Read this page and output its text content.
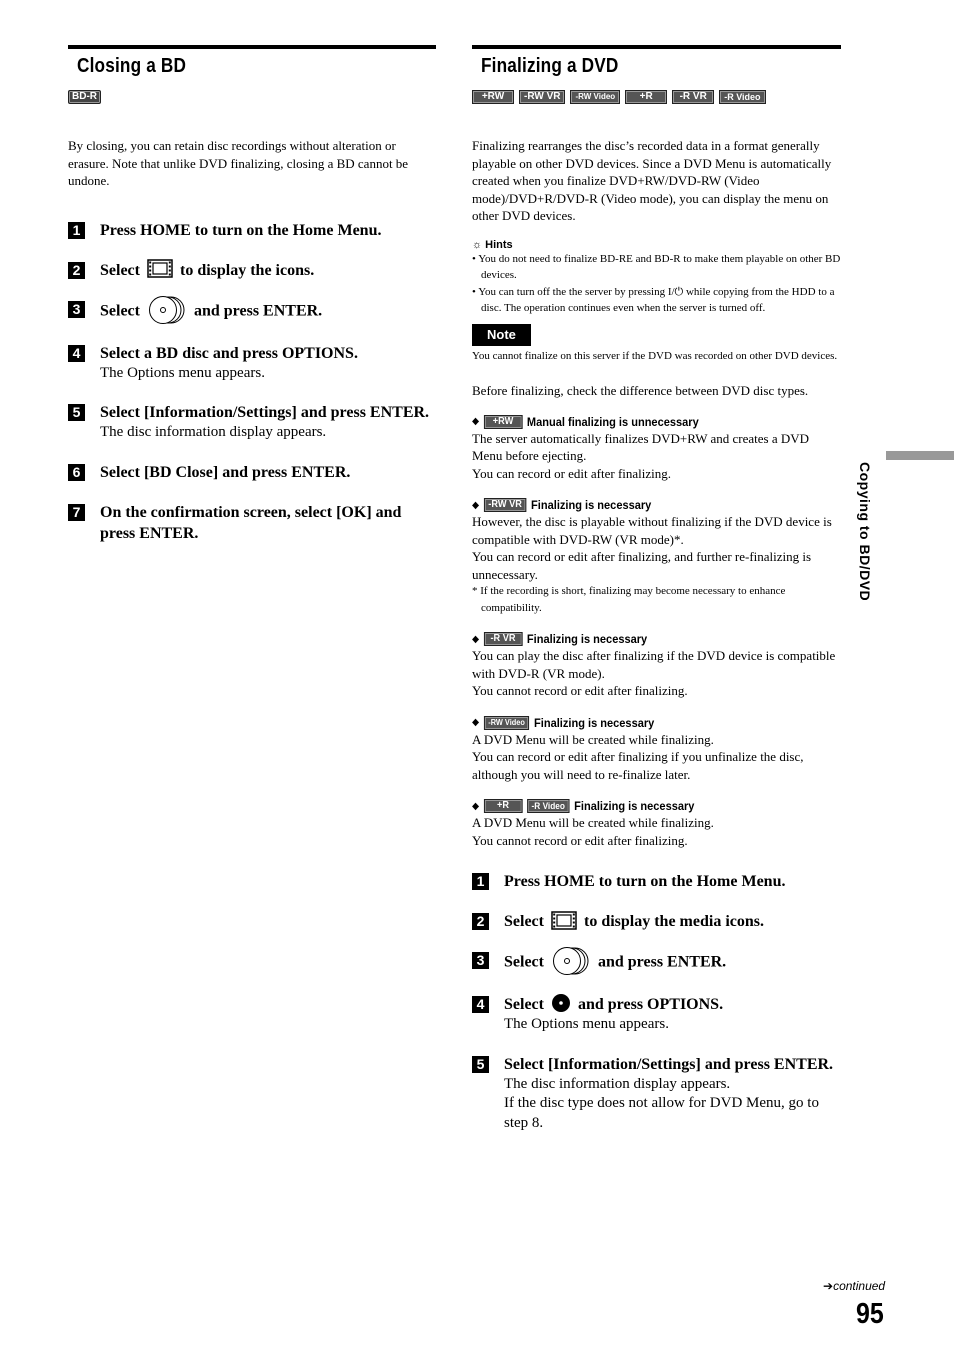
Closing a BD
BD-R

By closing, you can retain disc recordings without alteration or erasure. Note that unlike DVD finalizing, closing a BD cannot be undone.

1 Press HOME to turn on the Home Menu.
2 Select	to display the icons.
3 Select	and press ENTER.
4 Select a BD disc and press OPTIONS.
The Options menu appears.
5 Select [Information/Settings] and press ENTER.
The disc information display appears.
6 Select [BD Close] and press ENTER.
7 On the confirmation screen, select [OK] and press ENTER.
Finalizing a DVD
+RW	-RW VR	-RW Video	+R	-R VR	-R Video

Finalizing rearranges the disc’s recorded data in a format generally playable on other DVD devices. Since a DVD Menu is automatically created when you finalize DVD+RW/DVD-RW (Video mode)/DVD+R/DVD-R (Video mode), you can display the menu on other DVD devices.

☼ Hints
• You do not need to finalize BD-RE and BD-R to make them playable on other BD devices.
• You can turn off the the server by pressing I/⏻ while copying from the HDD to a disc. The operation continues even when the server is turned off.
Note
You cannot finalize on this server if the DVD was recorded on other DVD devices.

Before finalizing, check the difference between DVD disc types.

◆	+RW	Manual finalizing is unnecessary
The server automatically finalizes DVD+RW and creates a DVD Menu before ejecting.
You can record or edit after finalizing.
◆ -RW VR Finalizing is necessary
However, the disc is playable without finalizing if the DVD device is compatible with DVD-RW (VR mode)*.
You can record or edit after finalizing, and further re-finalizing is unnecessary.
* If the recording is short, finalizing may become necessary to enhance compatibility.
◆	-R VR Finalizing is necessary
You can play the disc after finalizing if the DVD device is compatible with DVD-R (VR mode).
You cannot record or edit after finalizing.
◆	-RW Video Finalizing is necessary
A DVD Menu will be created while finalizing.
You can record or edit after finalizing if you unfinalize the disc, although you will need to re-finalize later.
◆	+R	-R Video Finalizing is necessary
A DVD Menu will be created while finalizing.
You cannot record or edit after finalizing.
1 Press HOME to turn on the Home Menu.
2 Select	to display the media icons.
3 Select	and press ENTER.
4 Select and press OPTIONS.
The Options menu appears.
5 Select [Information/Settings] and press ENTER.
The disc information display appears.
If the disc type does not allow for DVD Menu, go to step 8.
Copying to BD/DVD
➔continued
95
